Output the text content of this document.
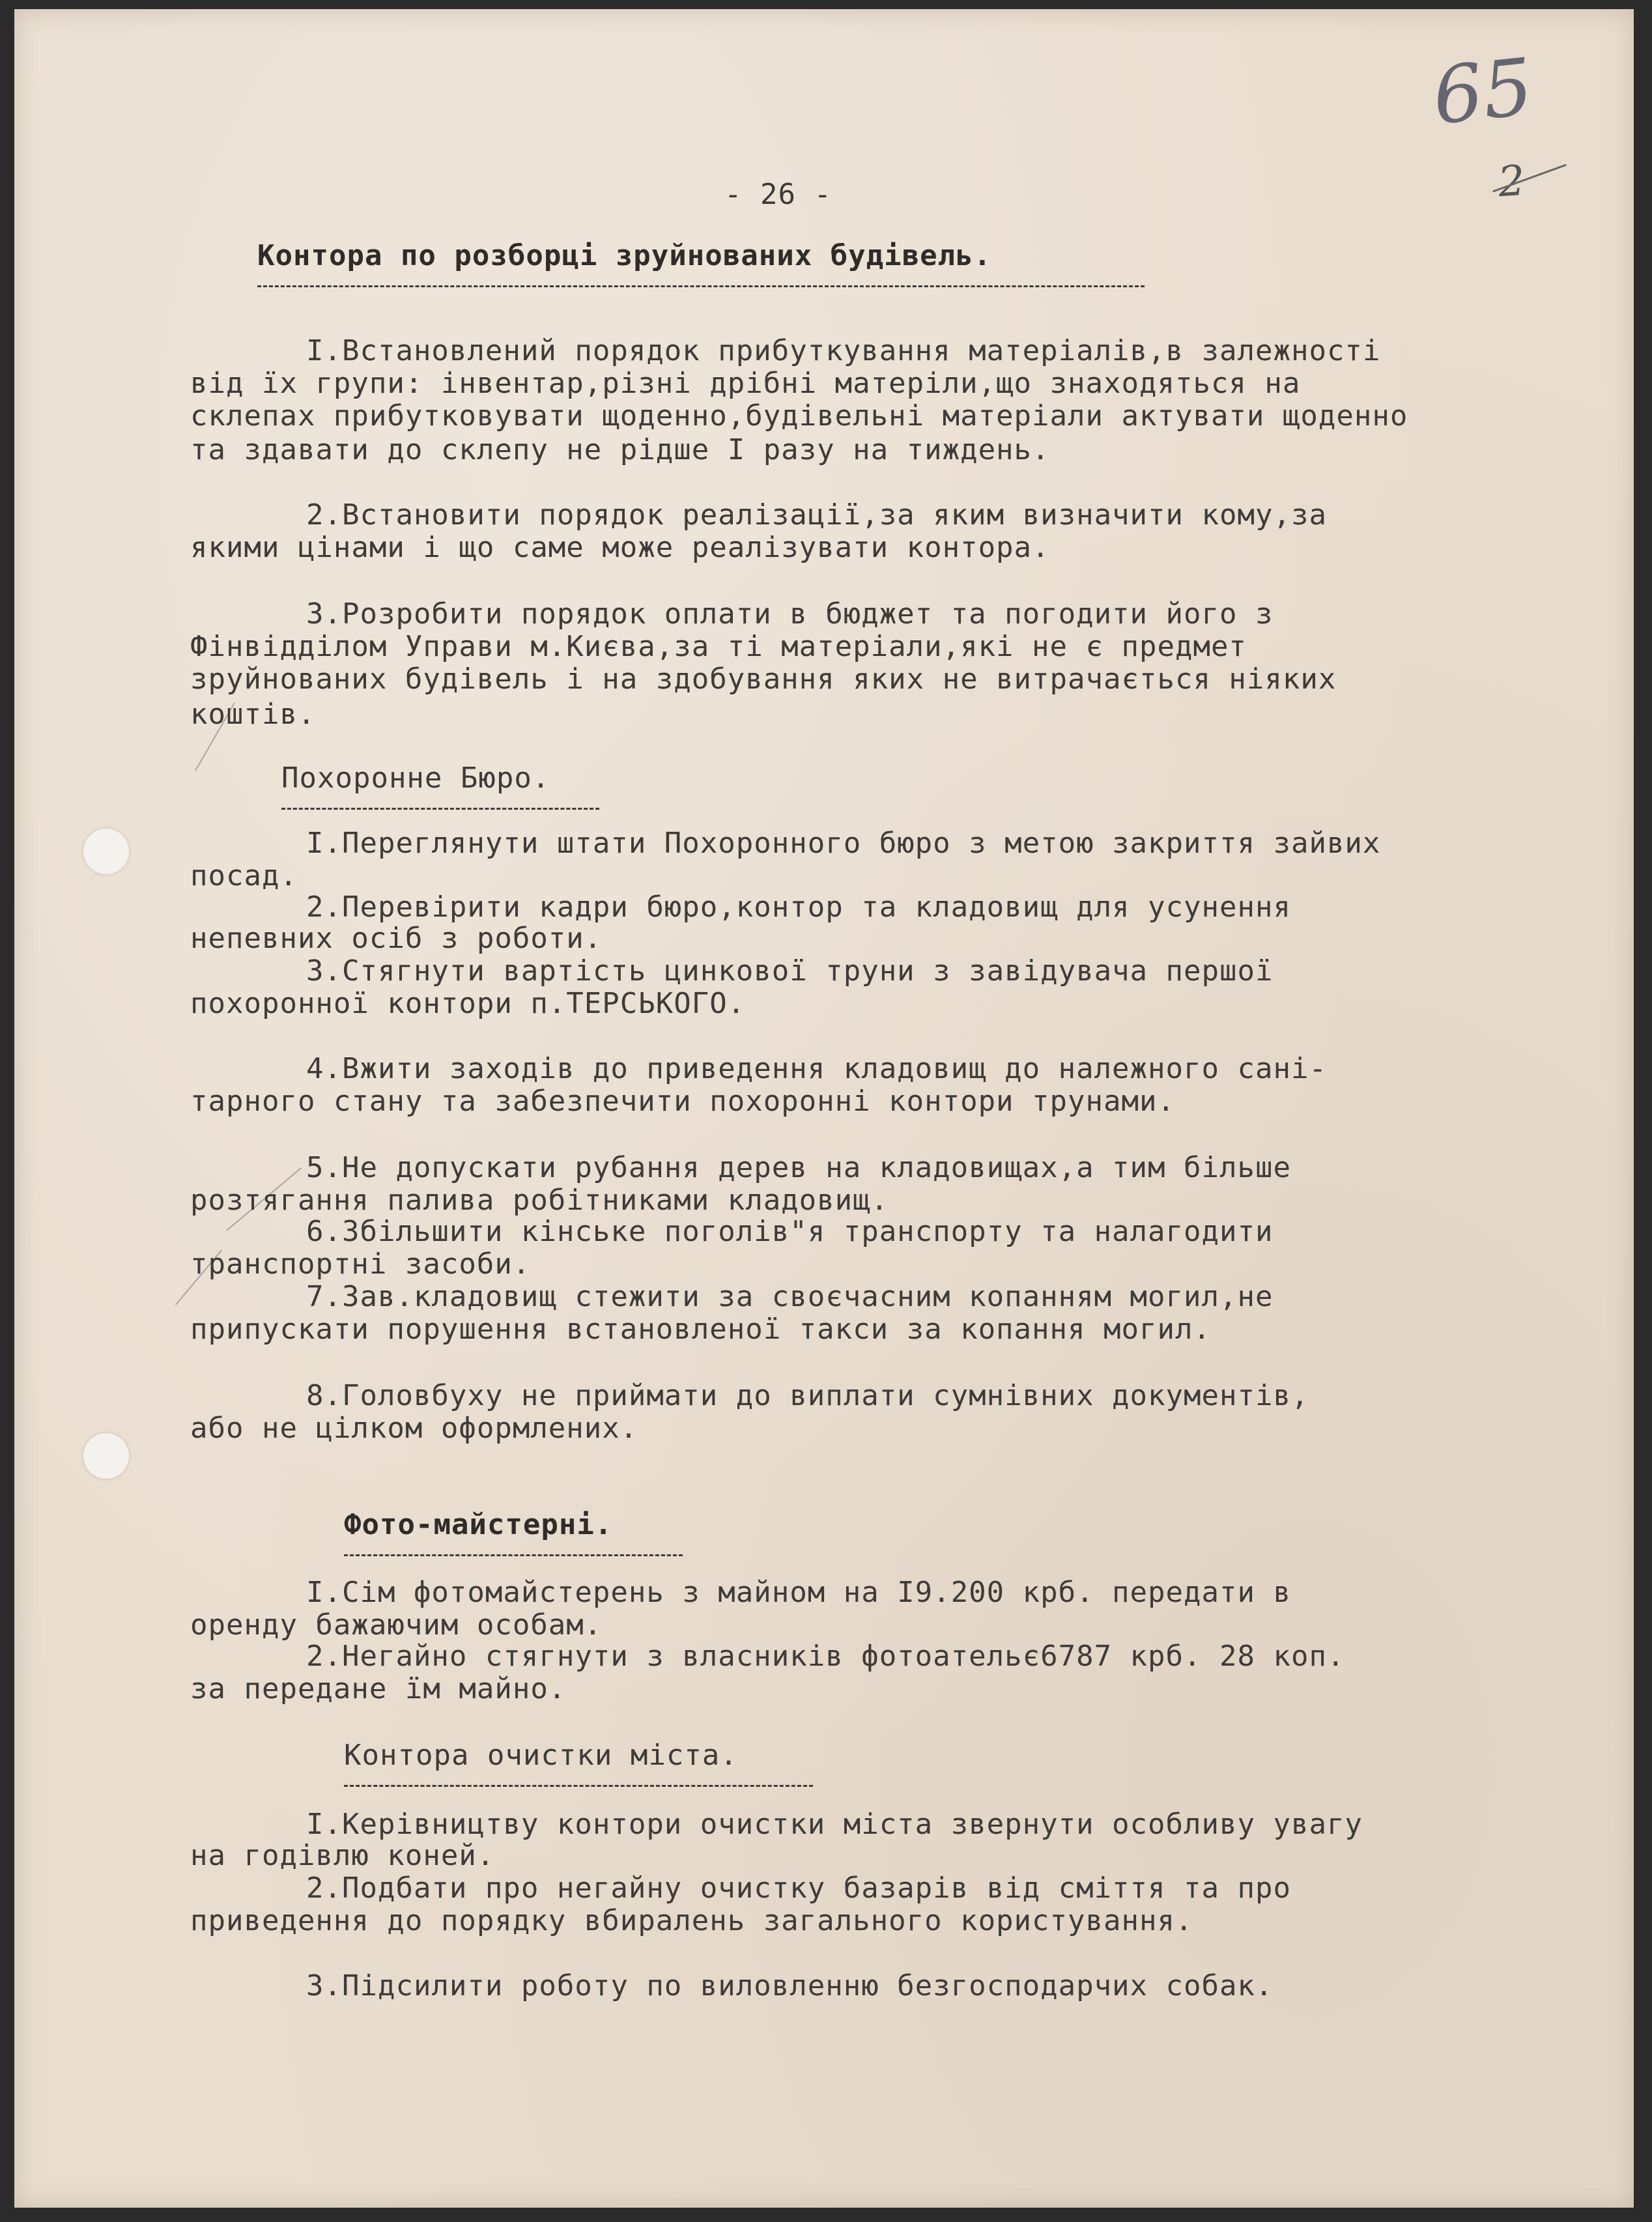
65
2
- 26 -
Контора по розборці зруйнованих будівель.
І.Встановлений порядок прибуткування матеріалів,в залежності
від їх групи: інвентар,різні дрібні матеріли,що знаходяться на
склепах прибутковувати щоденно,будівельні матеріали актувати щоденно
та здавати до склепу не рідше І разу на тиждень.
2.Встановити порядок реалізації,за яким визначити кому,за
якими цінами і що саме може реалізувати контора.
3.Розробити порядок оплати в бюджет та погодити його з
Фінвідділом Управи м.Києва,за ті матеріали,які не є предмет
зруйнованих будівель і на здобування яких не витрачається ніяких
коштів.
Похоронне Бюро.
І.Переглянути штати Похоронного бюро з метою закриття зайвих
посад.
2.Перевірити кадри бюро,контор та кладовищ для усунення
непевних осіб з роботи.
3.Стягнути вартість цинкової труни з завідувача першої
похоронної контори п.ТЕРСЬКОГО.
4.Вжити заходів до приведення кладовищ до належного сані-
тарного стану та забезпечити похоронні контори трунами.
5.Не допускати рубання дерев на кладовищах,а тим більше
розтягання палива робітниками кладовищ.
6.Збільшити кінське поголів"я транспорту та налагодити
транспортні засоби.
7.Зав.кладовищ стежити за своєчасним копанням могил,не
припускати порушення встановленої такси за копання могил.
8.Головбуху не приймати до виплати сумнівних документів,
або не цілком оформлених.
Фото-майстерні.
І.Сім фотомайстерень з майном на І9.200 крб. передати в
оренду бажаючим особам.
2.Негайно стягнути з власників фотоательє6787 крб. 28 коп.
за передане їм майно.
Контора очистки міста.
І.Керівництву контори очистки міста звернути особливу увагу
на годівлю коней.
2.Подбати про негайну очистку базарів від сміття та про
приведення до порядку вбиралень загального користування.
3.Підсилити роботу по виловленню безгосподарчих собак.
